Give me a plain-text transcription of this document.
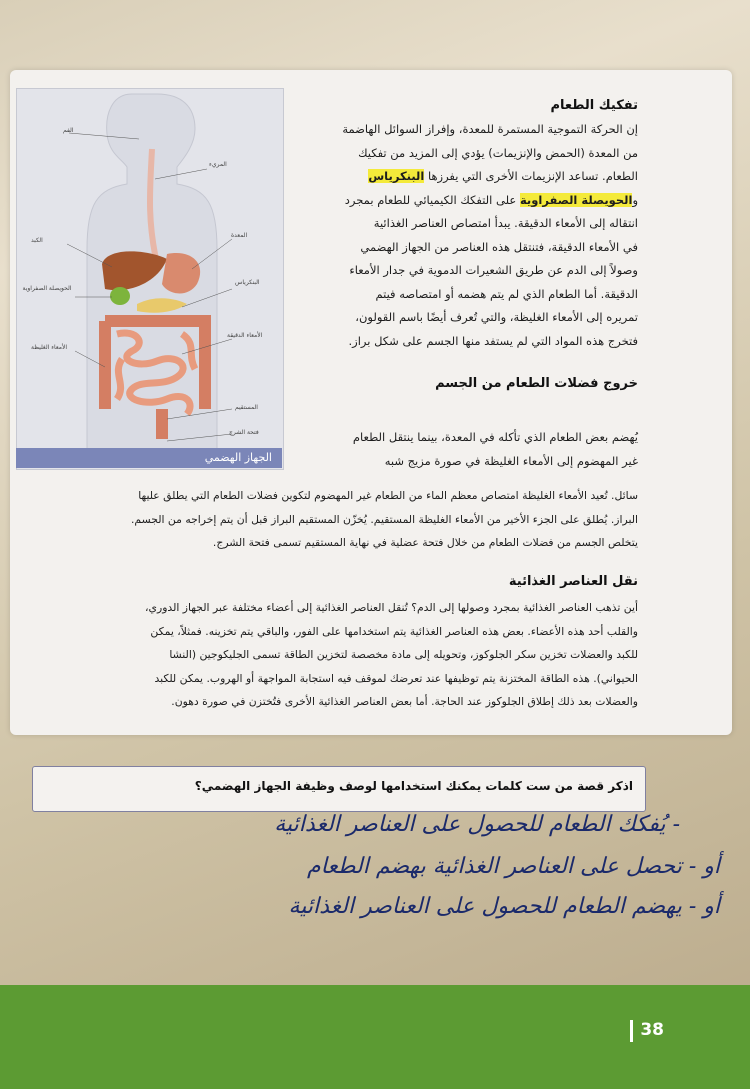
الفم
المريء
الكبد
المعدة
الحويصلة الصفراوية
البنكرياس
الأمعاء الدقيقة
الأمعاء الغليظة
المستقيم
فتحة الشرج
الجهاز الهضمي
تفكيك الطعام
إن الحركة التموجية المستمرة للمعدة، وإفراز السوائل الهاضمة
من المعدة (الحمض والإنزيمات) يؤدي إلى المزيد من تفكيك
الطعام. تساعد الإنزيمات الأخرى التي يفرزها البنكرياس
والحويصلة الصفراوية على التفكك الكيميائي للطعام بمجرد
انتقاله إلى الأمعاء الدقيقة. يبدأ امتصاص العناصر الغذائية
في الأمعاء الدقيقة، فتنتقل هذه العناصر من الجهاز الهضمي
وصولاً إلى الدم عن طريق الشعيرات الدموية في جدار الأمعاء
الدقيقة. أما الطعام الذي لم يتم هضمه أو امتصاصه فيتم
تمريره إلى الأمعاء الغليظة، والتي تُعرف أيضًا باسم القولون،
فتخرج هذه المواد التي لم يستفد منها الجسم على شكل براز.
خروج فضلات الطعام من الجسم
يُهضم بعض الطعام الذي تأكله في المعدة، بينما ينتقل الطعام
غير المهضوم إلى الأمعاء الغليظة في صورة مزيج شبه
سائل. تُعيد الأمعاء الغليظة امتصاص معظم الماء من الطعام غير المهضوم لتكوين فضلات الطعام التي يطلق عليها
البراز. يُطلق على الجزء الأخير من الأمعاء الغليظة المستقيم. يُخزّن المستقيم البراز قبل أن يتم إخراجه من الجسم.
يتخلص الجسم من فضلات الطعام من خلال فتحة عضلية في نهاية المستقيم تسمى فتحة الشرج.
نقل العناصر الغذائية
أين تذهب العناصر الغذائية بمجرد وصولها إلى الدم؟ تُنقل العناصر الغذائية إلى أعضاء مختلفة عبر الجهاز الدوري،
والقلب أحد هذه الأعضاء. بعض هذه العناصر الغذائية يتم استخدامها على الفور، والباقي يتم تخزينه. فمثلاً، يمكن
للكبد والعضلات تخزين سكر الجلوكوز، وتحويله إلى مادة مخصصة لتخزين الطاقة تسمى الجليكوجين (النشا
الحيواني). هذه الطاقة المختزنة يتم توظيفها عند تعرضك لموقف فيه استجابة المواجهة أو الهروب. يمكن للكبد
والعضلات بعد ذلك إطلاق الجلوكوز عند الحاجة. أما بعض العناصر الغذائية الأخرى فتُختزن في صورة دهون.
اذكر قصة من ست كلمات يمكنك استخدامها لوصف وظيفة الجهاز الهضمي؟
- يُفكك الطعام للحصول على العناصر الغذائية
أو - تحصل على العناصر الغذائية بهضم الطعام
أو - يهضم الطعام للحصول على العناصر الغذائية
38
